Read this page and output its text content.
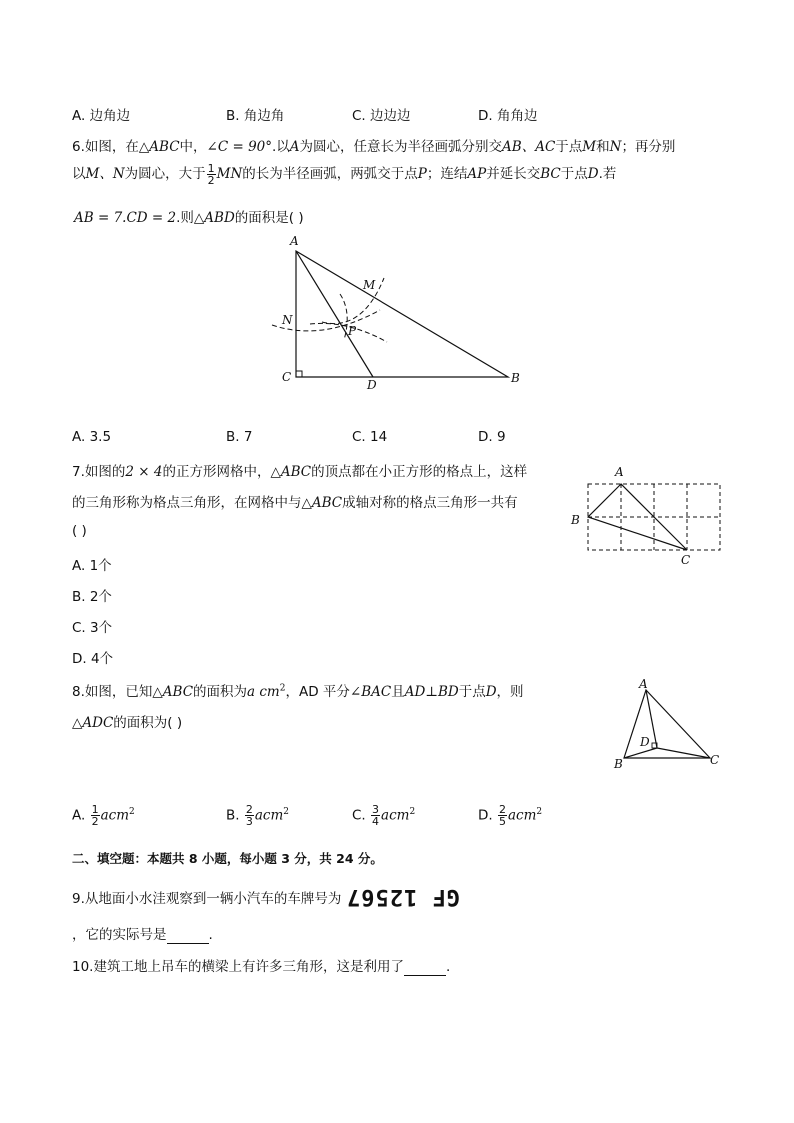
A. 边角边	B. 角边角	C. 边边边	D. 角角边
6.如图，在△ABC中，∠C = 90°.以A为圆心，任意长为半径画弧分别交AB、AC于点M和N；再分别
以M、N为圆心，大于 $\frac{1}{2}$ MN的长为半径画弧，两弧交于点P；连结AP并延长交BC于点D.若
AB = 7.CD = 2.则△ABD的面积是( )
A
C
D	B
M
N
P
A. 3.5	B. 7	C. 14	D. 9
7.如图的2 × 4的正方形网格中，△ABC的顶点都在小正方形的格点上，这样
的三角形称为格点三角形，在网格中与△ABC成轴对称的格点三角形一共有
( )
A. 1个
B. 2个
C. 3个
D. 4个
A
B
C
8.如图，已知△ABC的面积为a $cm^2$，AD 平分∠BAC且AD⊥BD于点D，则
△ADC的面积为( )
A
D
B	C
A. $\frac{1}{2} acm^2$	B. $\frac{2}{3} acm^2$	C. $\frac{3}{4} acm^2$	D. $\frac{2}{5} acm^2$
二、填空题：本题共 8 小题，每小题 3 分，共 24 分。
9.从地面小水洼观察到一辆小汽车的车牌号为 GF 12567
，它的实际号是	.
10.建筑工地上吊车的横梁上有许多三角形，这是利用了	.
